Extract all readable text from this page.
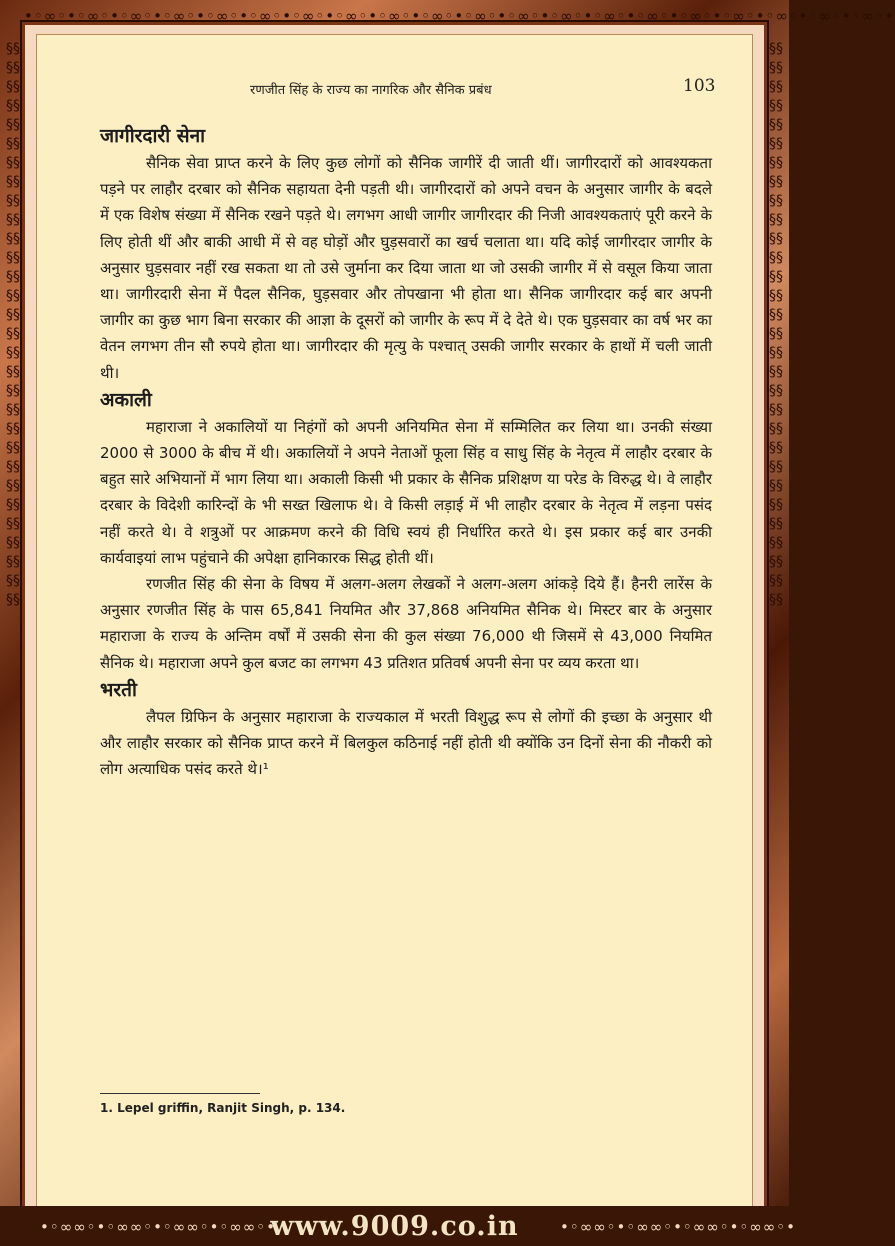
•◦∞◦•◦∞◦•◦∞◦•◦∞◦•◦∞◦•◦∞◦•◦∞◦•◦∞◦•◦∞◦•◦∞◦•◦∞◦•◦∞◦•◦∞◦•◦∞◦•◦∞◦•◦∞◦•◦∞◦•◦∞◦•◦∞◦•◦∞◦•
§§§§§§§§§§§§§§§§§§§§§§§§§§§§§§§§§§§§§§§§§§§§§§§§§§§§§§§§§§§§
§§§§§§§§§§§§§§§§§§§§§§§§§§§§§§§§§§§§§§§§§§§§§§§§§§§§§§§§§§§§
रणजीत सिंह के राज्य का नागरिक और सैनिक प्रबंध	103
जागीरदारी सेना

सैनिक सेवा प्राप्त करने के लिए कुछ लोगों को सैनिक जागीरें दी जाती थीं। जागीरदारों को आवश्यकता पड़ने पर लाहौर दरबार को सैनिक सहायता देनी पड़ती थी। जागीरदारों को अपने वचन के अनुसार जागीर के बदले में एक विशेष संख्या में सैनिक रखने पड़ते थे। लगभग आधी जागीर जागीरदार की निजी आवश्यकताएं पूरी करने के लिए होती थीं और बाकी आधी में से वह घोड़ों और घुड़सवारों का खर्च चलाता था। यदि कोई जागीरदार जागीर के अनुसार घुड़सवार नहीं रख सकता था तो उसे जुर्माना कर दिया जाता था जो उसकी जागीर में से वसूल किया जाता था। जागीरदारी सेना में पैदल सैनिक, घुड़सवार और तोपखाना भी होता था। सैनिक जागीरदार कई बार अपनी जागीर का कुछ भाग बिना सरकार की आज्ञा के दूसरों को जागीर के रूप में दे देते थे। एक घुड़सवार का वर्ष भर का वेतन लगभग तीन सौ रुपये होता था। जागीरदार की मृत्यु के पश्चात् उसकी जागीर सरकार के हाथों में चली जाती थी।

अकाली

महाराजा ने अकालियों या निहंगों को अपनी अनियमित सेना में सम्मिलित कर लिया था। उनकी संख्या 2000 से 3000 के बीच में थी। अकालियों ने अपने नेताओं फूला सिंह व साधु सिंह के नेतृत्व में लाहौर दरबार के बहुत सारे अभियानों में भाग लिया था। अकाली किसी भी प्रकार के सैनिक प्रशिक्षण या परेड के विरुद्ध थे। वे लाहौर दरबार के विदेशी कारिन्दों के भी सख्त खिलाफ थे। वे किसी लड़ाई में भी लाहौर दरबार के नेतृत्व में लड़ना पसंद नहीं करते थे। वे शत्रुओं पर आक्रमण करने की विधि स्वयं ही निर्धारित करते थे। इस प्रकार कई बार उनकी कार्यवाइयां लाभ पहुंचाने की अपेक्षा हानिकारक सिद्ध होती थीं।

रणजीत सिंह की सेना के विषय में अलग-अलग लेखकों ने अलग-अलग आंकड़े दिये हैं। हैनरी लारेंस के अनुसार रणजीत सिंह के पास 65,841 नियमित और 37,868 अनियमित सैनिक थे। मिस्टर बार के अनुसार महाराजा के राज्य के अन्तिम वर्षों में उसकी सेना की कुल संख्या 76,000 थी जिसमें से 43,000 नियमित सैनिक थे। महाराजा अपने कुल बजट का लगभग 43 प्रतिशत प्रतिवर्ष अपनी सेना पर व्यय करता था।

भरती

लैपल ग्रिफिन के अनुसार महाराजा के राज्यकाल में भरती विशुद्ध रूप से लोगों की इच्छा के अनुसार थी और लाहौर सरकार को सैनिक प्राप्त करने में बिलकुल कठिनाई नहीं होती थी क्योंकि उन दिनों सेना की नौकरी को लोग अत्याधिक पसंद करते थे।¹

1. Lepel griffin, Ranjit Singh, p. 134.
•◦∞∞◦•◦∞∞◦•◦∞∞◦•◦∞∞◦•	•◦∞∞◦•◦∞∞◦•◦∞∞◦•◦∞∞◦•
www.9009.co.in
